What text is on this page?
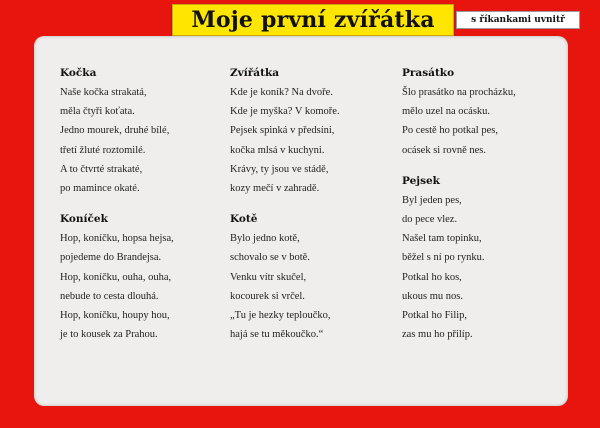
Moje první zvířátka	s říkankami uvnitř
Kočka
Naše kočka strakatá,
měla čtyři koťata.
Jedno mourek, druhé bílé,
třetí žluté roztomilé.
A to čtvrté strakaté,
po mamince okaté.
Koníček
Hop, koníčku, hopsa hejsa,
pojedeme do Brandejsa.
Hop, koníčku, ouha, ouha,
nebude to cesta dlouhá.
Hop, koníčku, houpy hou,
je to kousek za Prahou.
Zvířátka
Kde je koník? Na dvoře.
Kde je myška? V komoře.
Pejsek spinká v předsíni,
kočka mlsá v kuchyni.
Krávy, ty jsou ve stádě,
kozy mečí v zahradě.
Kotě
Bylo jedno kotě,
schovalo se v botě.
Venku vítr skučel,
kocourek si vrčel.
„Tu je hezky teploučko,
hajá se tu měkoučko.“
Prasátko
Šlo prasátko na procházku,
mělo uzel na ocásku.
Po cestě ho potkal pes,
ocásek si rovně nes.
Pejsek
Byl jeden pes,
do pece vlez.
Našel tam topinku,
běžel s ní po rynku.
Potkal ho kos,
ukous mu nos.
Potkal ho Filip,
zas mu ho přilíp.
